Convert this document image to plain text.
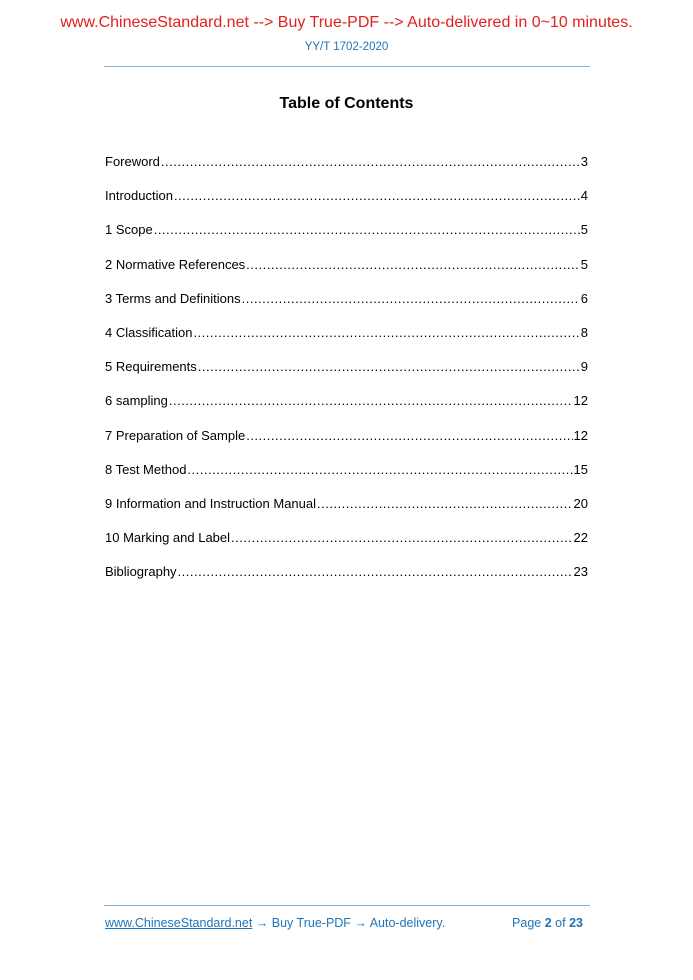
www.ChineseStandard.net --> Buy True-PDF --> Auto-delivered in 0~10 minutes.
YY/T 1702-2020
Table of Contents
Foreword .....	3
Introduction .....	4
1 Scope .....	5
2 Normative References .....	5
3 Terms and Definitions .....	6
4 Classification .....	8
5 Requirements .....	9
6 sampling .....	12
7 Preparation of Sample .....	12
8 Test Method .....	15
9 Information and Instruction Manual .....	20
10 Marking and Label .....	22
Bibliography .....	23
www.ChineseStandard.net → Buy True-PDF → Auto-delivery.	Page 2 of 23
